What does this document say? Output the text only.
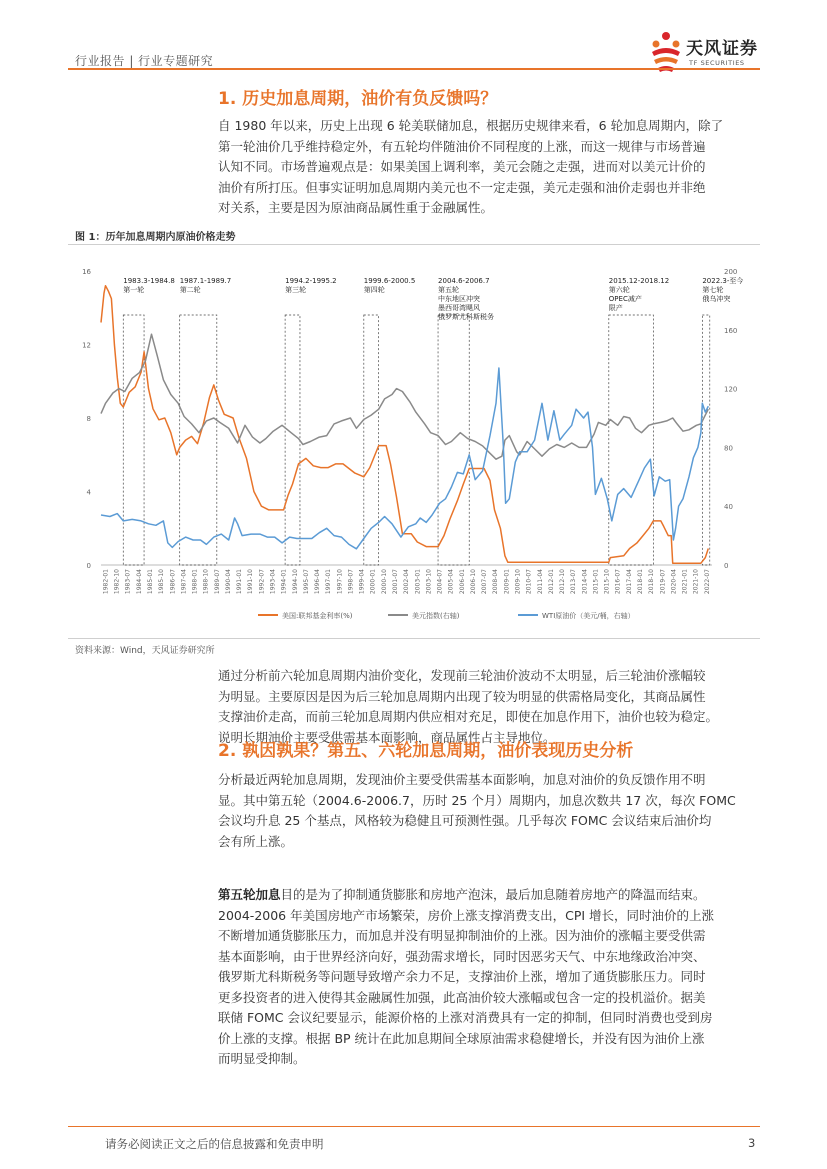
行业报告 | 行业专题研究
天风证券
TF SECURITIES
1. 历史加息周期，油价有负反馈吗？
自 1980 年以来，历史上出现 6 轮美联储加息，根据历史规律来看，6 轮加息周期内，除了
第一轮油价几乎维持稳定外，有五轮均伴随油价不同程度的上涨，而这一规律与市场普遍
认知不同。市场普遍观点是：如果美国上调利率，美元会随之走强，进而对以美元计价的
油价有所打压。但事实证明加息周期内美元也不一定走强，美元走强和油价走弱也并非绝
对关系，主要是因为原油商品属性重于金融属性。
图 1：历年加息周期内原油价格走势
0
4
8
12
16
0
40
80
120
160
200
1982-01 1982-10 1983-07 1984-04 1985-01 1985-10 1986-07 1987-04 1988-01 1988-10 1989-07 1990-04 1991-01 1991-10 1992-07 1993-04 1994-01 1994-10 1995-07 1996-04 1997-01 1997-10 1998-07 1999-04 2000-01 2000-10 2001-07 2002-04 2003-01 2003-10 2004-07 2005-04 2006-01 2006-10 2007-07 2008-04 2009-01 2009-10 2010-07 2011-04 2012-01 2012-10 2013-07 2014-04 2015-01 2015-10 2016-07 2017-04 2018-01 2018-10 2019-07 2020-04 2021-01 2021-10 2022-07
1983.3-1984.8
第一轮
1987.1-1989.7
第二轮
1994.2-1995.2
第三轮
1999.6-2000.5
第四轮
2004.6-2006.7
第五轮
中东地区冲突
墨西哥湾飓风
俄罗斯尤科斯税务
2015.12-2018.12
第六轮
OPEC减产
限产
2022.3-至今
第七轮
俄乌冲突
美国:联邦基金利率(%)	美元指数(右轴)	WTI原油价（美元/桶，右轴）
资料来源：Wind，天风证券研究所
通过分析前六轮加息周期内油价变化，发现前三轮油价波动不太明显，后三轮油价涨幅较
为明显。主要原因是因为后三轮加息周期内出现了较为明显的供需格局变化，其商品属性
支撑油价走高，而前三轮加息周期内供应相对充足，即使在加息作用下，油价也较为稳定。
说明长期油价主要受供需基本面影响，商品属性占主导地位。
2. 孰因孰果？第五、六轮加息周期，油价表现历史分析
分析最近两轮加息周期，发现油价主要受供需基本面影响，加息对油价的负反馈作用不明
显。其中第五轮（2004.6-2006.7，历时 25 个月）周期内，加息次数共 17 次，每次 FOMC
会议均升息 25 个基点，风格较为稳健且可预测性强。几乎每次 FOMC 会议结束后油价均
会有所上涨。
第五轮加息目的是为了抑制通货膨胀和房地产泡沫，最后加息随着房地产的降温而结束。
2004-2006 年美国房地产市场繁荣，房价上涨支撑消费支出，CPI 增长，同时油价的上涨
不断增加通货膨胀压力，而加息并没有明显抑制油价的上涨。因为油价的涨幅主要受供需
基本面影响，由于世界经济向好，强劲需求增长，同时因恶劣天气、中东地缘政治冲突、
俄罗斯尤科斯税务等问题导致增产余力不足，支撑油价上涨，增加了通货膨胀压力。同时
更多投资者的进入使得其金融属性加强，此高油价较大涨幅或包含一定的投机溢价。据美
联储 FOMC 会议纪要显示，能源价格的上涨对消费具有一定的抑制，但同时消费也受到房
价上涨的支撑。根据 BP 统计在此加息期间全球原油需求稳健增长，并没有因为油价上涨
而明显受抑制。
请务必阅读正文之后的信息披露和免责申明	3
